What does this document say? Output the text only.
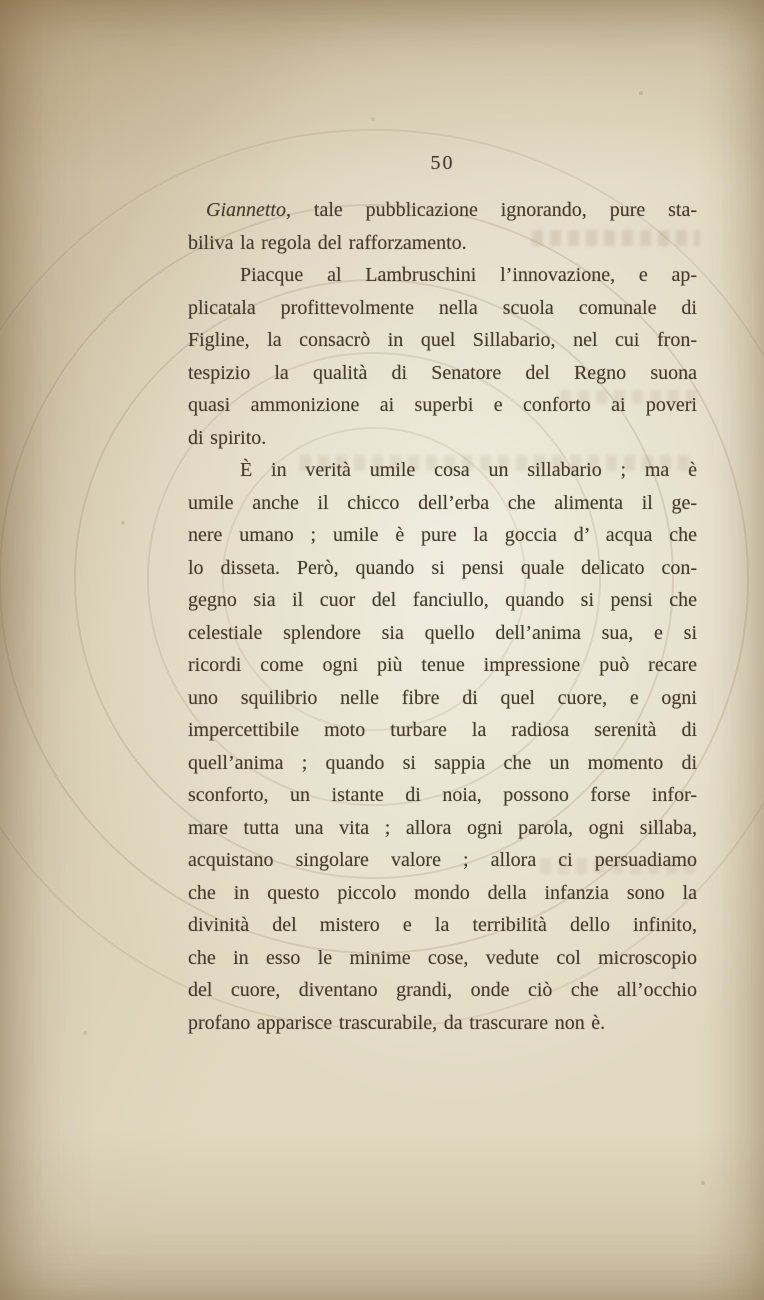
50
Giannetto, tale pubblicazione ignorando, pure sta-
biliva la regola del rafforzamento.
Piacque al Lambruschini l’innovazione, e ap-
plicatala profittevolmente nella scuola comunale di
Figline, la consacrò in quel Sillabario, nel cui fron-
tespizio la qualità di Senatore del Regno suona
quasi ammonizione ai superbi e conforto ai poveri
di spirito.
È in verità umile cosa un sillabario ; ma è
umile anche il chicco dell’erba che alimenta il ge-
nere umano ; umile è pure la goccia d’ acqua che
lo disseta. Però, quando si pensi quale delicato con-
gegno sia il cuor del fanciullo, quando si pensi che
celestiale splendore sia quello dell’anima sua, e si
ricordi come ogni più tenue impressione può recare
uno squilibrio nelle fibre di quel cuore, e ogni
impercettibile moto turbare la radiosa serenità di
quell’anima ; quando si sappia che un momento di
sconforto, un istante di noia, possono forse infor-
mare tutta una vita ; allora ogni parola, ogni sillaba,
acquistano singolare valore ; allora ci persuadiamo
che in questo piccolo mondo della infanzia sono la
divinità del mistero e la terribilità dello infinito,
che in esso le minime cose, vedute col microscopio
del cuore, diventano grandi, onde ciò che all’occhio
profano apparisce trascurabile, da trascurare non è.
